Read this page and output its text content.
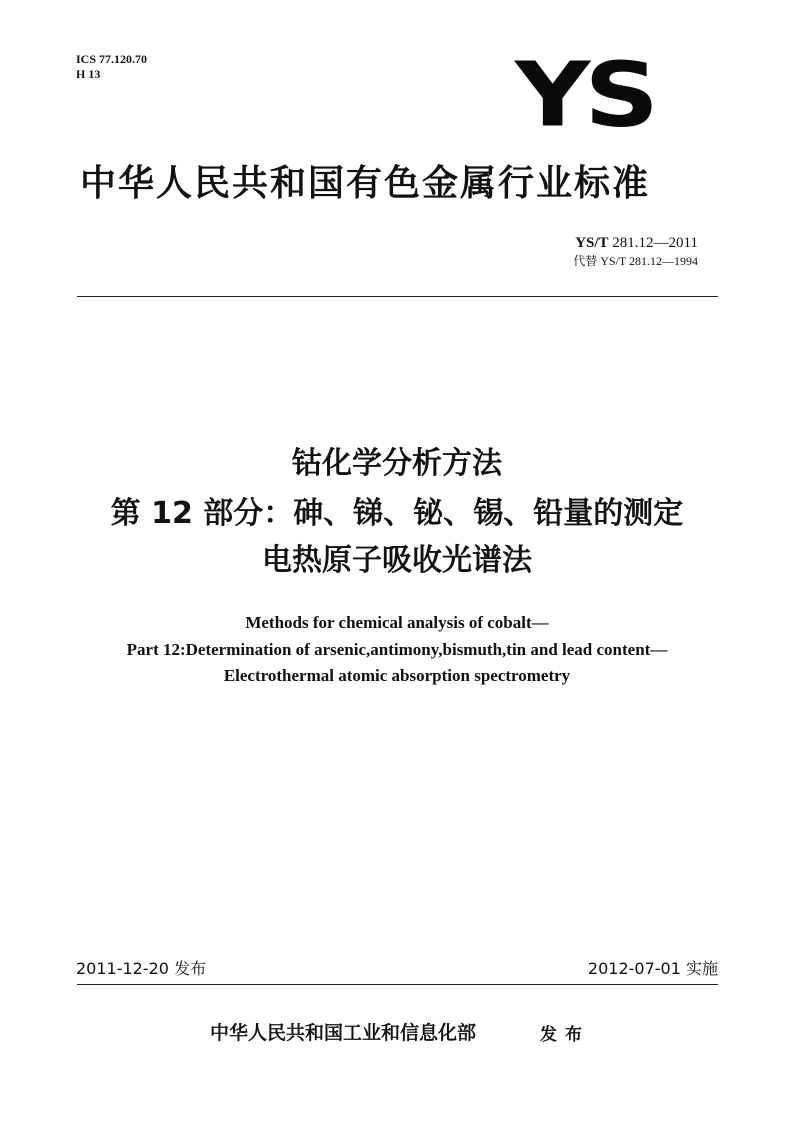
ICS 77.120.70
H 13	YS
中华人民共和国有色金属行业标准
YS/T 281.12—2011
代替 YS/T 281.12—1994
钴化学分析方法
第 12 部分：砷、锑、铋、锡、铅量的测定
电热原子吸收光谱法
Methods for chemical analysis of cobalt—
Part 12:Determination of arsenic,antimony,bismuth,tin and lead content—
Electrothermal atomic absorption spectrometry
2011-12-20 发布	2012-07-01 实施
中华人民共和国工业和信息化部	发布
